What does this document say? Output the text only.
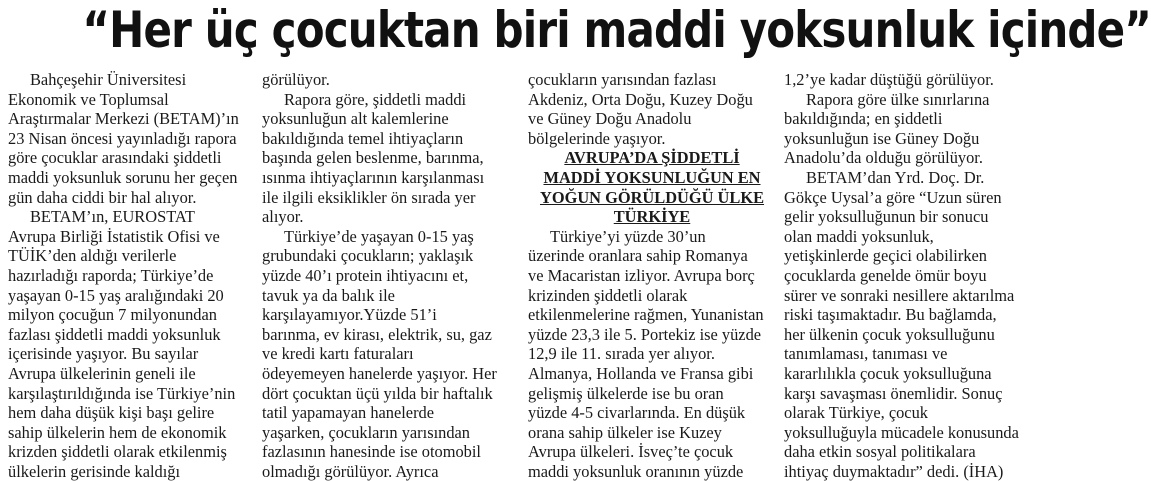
“Her üç çocuktan biri maddi yoksunluk içinde”

Bahçeşehir Üniversitesi

Ekonomik ve Toplumsal

Araştırmalar Merkezi (BETAM)’ın

23 Nisan öncesi yayınladığı rapora

göre çocuklar arasındaki şiddetli

maddi yoksunluk sorunu her geçen

gün daha ciddi bir hal alıyor.

BETAM’ın, EUROSTAT

Avrupa Birliği İstatistik Ofisi ve

TÜİK’den aldığı verilerle

hazırladığı raporda; Türkiye’de

yaşayan 0-15 yaş aralığındaki 20

milyon çocuğun 7 milyonundan

fazlası şiddetli maddi yoksunluk

içerisinde yaşıyor. Bu sayılar

Avrupa ülkelerinin geneli ile

karşılaştırıldığında ise Türkiye’nin

hem daha düşük kişi başı gelire

sahip ülkelerin hem de ekonomik

krizden şiddetli olarak etkilenmiş

ülkelerin gerisinde kaldığı

görülüyor.

Rapora göre, şiddetli maddi

yoksunluğun alt kalemlerine

bakıldığında temel ihtiyaçların

başında gelen beslenme, barınma,

ısınma ihtiyaçlarının karşılanması

ile ilgili eksiklikler ön sırada yer

alıyor.

Türkiye’de yaşayan 0-15 yaş

grubundaki çocukların; yaklaşık

yüzde 40’ı protein ihtiyacını et,

tavuk ya da balık ile

karşılayamıyor.Yüzde 51’i

barınma, ev kirası, elektrik, su, gaz

ve kredi kartı faturaları

ödeyemeyen hanelerde yaşıyor. Her

dört çocuktan üçü yılda bir haftalık

tatil yapamayan hanelerde

yaşarken, çocukların yarısından

fazlasının hanesinde ise otomobil

olmadığı görülüyor. Ayrıca

çocukların yarısından fazlası

Akdeniz, Orta Doğu, Kuzey Doğu

ve Güney Doğu Anadolu

bölgelerinde yaşıyor.

AVRUPA’DA ŞİDDETLİ

MADDİ YOKSUNLUĞUN EN

YOĞUN GÖRÜLDÜĞÜ ÜLKE

TÜRKİYE

Türkiye’yi yüzde 30’un

üzerinde oranlara sahip Romanya

ve Macaristan izliyor. Avrupa borç

krizinden şiddetli olarak

etkilenmelerine rağmen, Yunanistan

yüzde 23,3 ile 5. Portekiz ise yüzde

12,9 ile 11. sırada yer alıyor.

Almanya, Hollanda ve Fransa gibi

gelişmiş ülkelerde ise bu oran

yüzde 4-5 civarlarında. En düşük

orana sahip ülkeler ise Kuzey

Avrupa ülkeleri. İsveç’te çocuk

maddi yoksunluk oranının yüzde

1,2’ye kadar düştüğü görülüyor.

Rapora göre ülke sınırlarına

bakıldığında; en şiddetli

yoksunluğun ise Güney Doğu

Anadolu’da olduğu görülüyor.

BETAM’dan Yrd. Doç. Dr.

Gökçe Uysal’a göre “Uzun süren

gelir yoksulluğunun bir sonucu

olan maddi yoksunluk,

yetişkinlerde geçici olabilirken

çocuklarda genelde ömür boyu

sürer ve sonraki nesillere aktarılma

riski taşımaktadır. Bu bağlamda,

her ülkenin çocuk yoksulluğunu

tanımlaması, tanıması ve

kararlılıkla çocuk yoksulluğuna

karşı savaşması önemlidir. Sonuç

olarak Türkiye, çocuk

yoksulluğuyla mücadele konusunda

daha etkin sosyal politikalara

ihtiyaç duymaktadır” dedi. (İHA)
